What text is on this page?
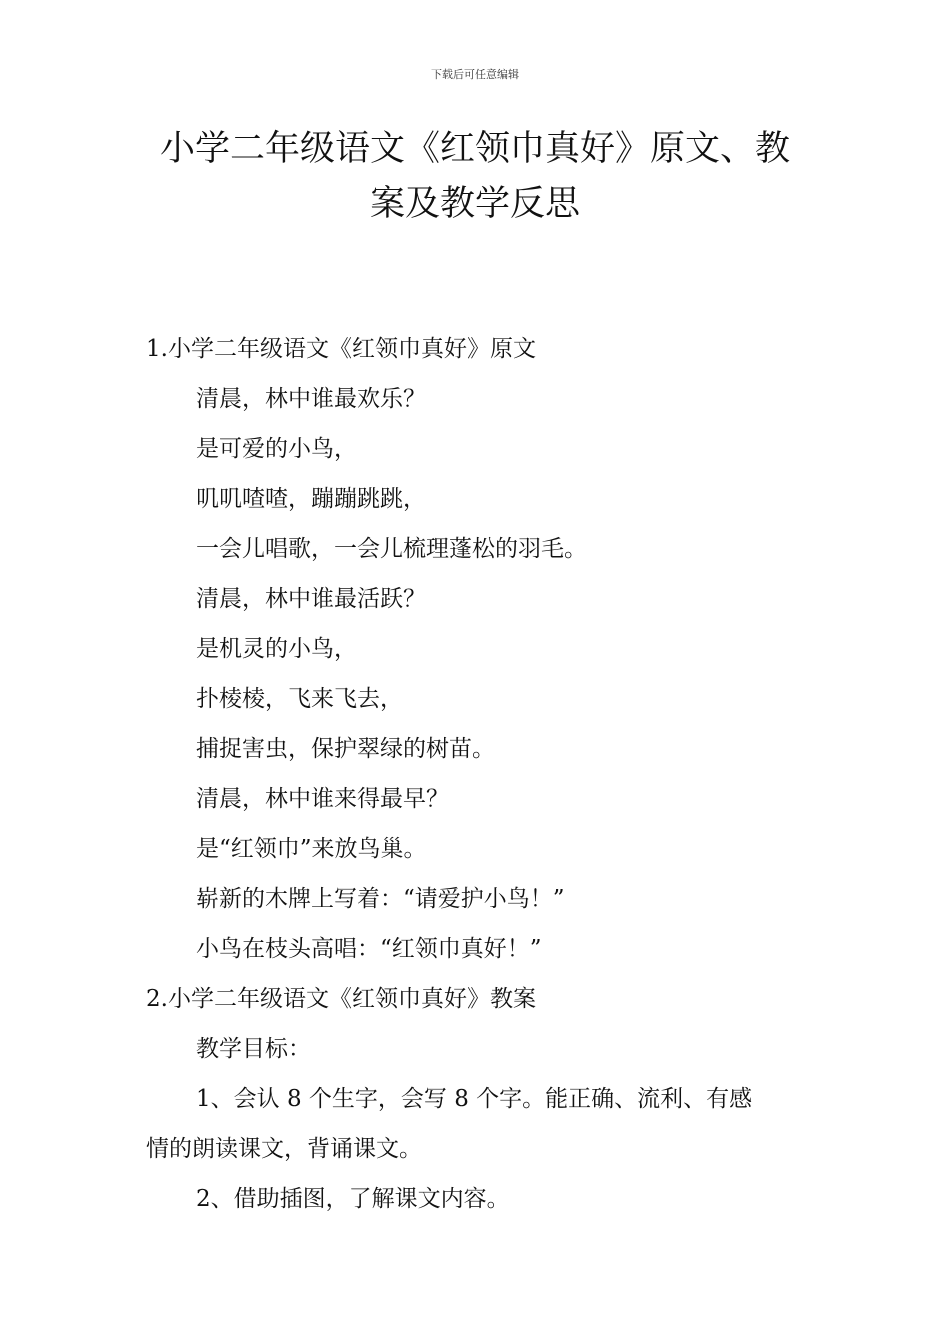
下载后可任意编辑
小学二年级语文《红领巾真好》原文、教
案及教学反思
1.小学二年级语文《红领巾真好》原文
清晨，林中谁最欢乐？
是可爱的小鸟，
叽叽喳喳，蹦蹦跳跳，
一会儿唱歌，一会儿梳理蓬松的羽毛。
清晨，林中谁最活跃？
是机灵的小鸟，
扑棱棱，飞来飞去，
捕捉害虫，保护翠绿的树苗。
清晨，林中谁来得最早？
是“红领巾”来放鸟巢。
崭新的木牌上写着：“请爱护小鸟！”
小鸟在枝头高唱：“红领巾真好！”
2.小学二年级语文《红领巾真好》教案
教学目标：
1、会认 8 个生字，会写 8 个字。能正确、流利、有感
情的朗读课文，背诵课文。
2、借助插图，了解课文内容。
